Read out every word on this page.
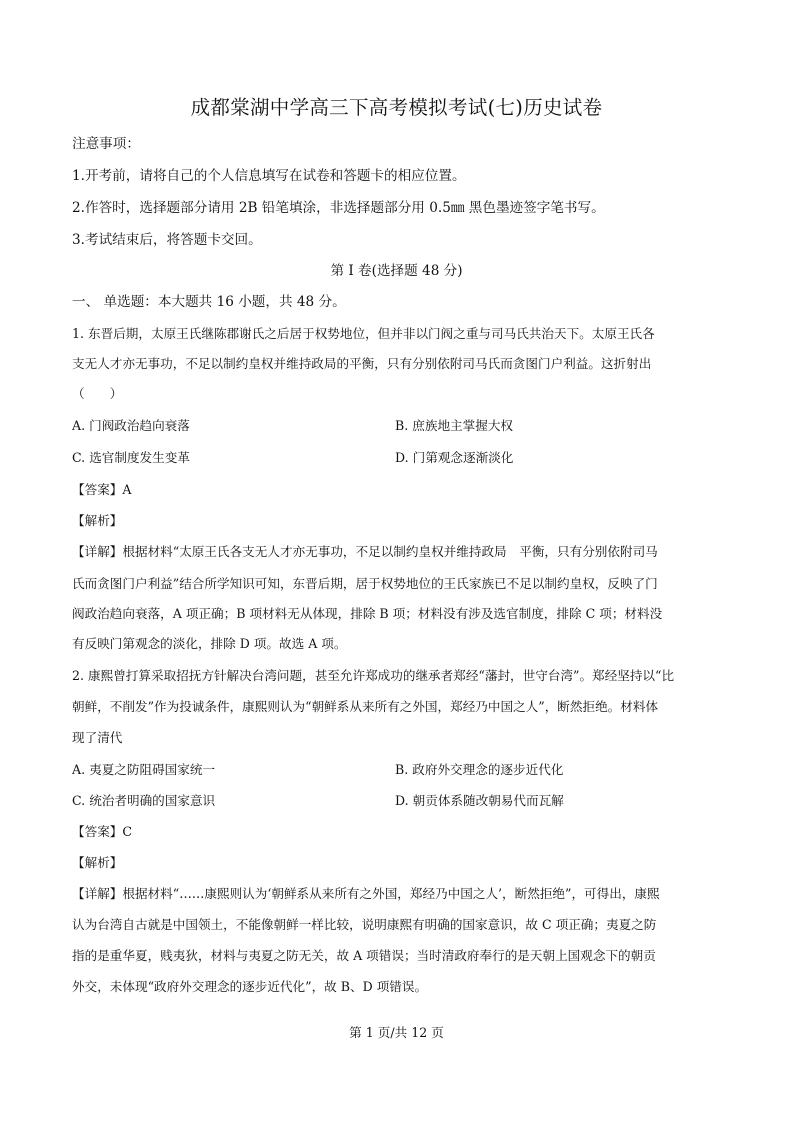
成都棠湖中学高三下高考模拟考试(七)历史试卷
注意事项：
1.开考前，请将自己的个人信息填写在试卷和答题卡的相应位置。
2.作答时，选择题部分请用 2B 铅笔填涂，非选择题部分用 0.5㎜ 黑色墨迹签字笔书写。
3.考试结束后，将答题卡交回。
第 I 卷(选择题 48 分)
一、 单选题：本大题共 16 小题，共 48 分。
1. 东晋后期，太原王氏继陈郡谢氏之后居于权势地位，但并非以门阀之重与司马氏共治天下。太原王氏各
支无人才亦无事功，不足以制约皇权并维持政局的平衡，只有分别依附司马氏而贪图门户利益。这折射出
（　　）
A. 门阀政治趋向衰落	B. 庶族地主掌握大权
C. 选官制度发生变革	D. 门第观念逐渐淡化
【答案】A
【解析】
【详解】根据材料“太原王氏各支无人才亦无事功，不足以制约皇权并维持政局　平衡，只有分别依附司马
氏而贪图门户利益”结合所学知识可知，东晋后期，居于权势地位的王氏家族已不足以制约皇权，反映了门
阀政治趋向衰落，A 项正确；B 项材料无从体现，排除 B 项；材料没有涉及选官制度，排除 C 项；材料没
有反映门第观念的淡化，排除 D 项。故选 A 项。
2. 康熙曾打算采取招抚方针解决台湾问题，甚至允许郑成功的继承者郑经“藩封，世守台湾”。郑经坚持以“比
朝鲜，不削发”作为投诚条件，康熙则认为“朝鲜系从来所有之外国，郑经乃中国之人”，断然拒绝。材料体
现了清代
A. 夷夏之防阻碍国家统一	B. 政府外交理念的逐步近代化
C. 统治者明确的国家意识	D. 朝贡体系随改朝易代而瓦解
【答案】C
【解析】
【详解】根据材料“……康熙则认为‘朝鲜系从来所有之外国，郑经乃中国之人’，断然拒绝”，可得出，康熙
认为台湾自古就是中国领土，不能像朝鲜一样比较，说明康熙有明确的国家意识，故 C 项正确；夷夏之防
指的是重华夏，贱夷狄，材料与夷夏之防无关，故 A 项错误；当时清政府奉行的是天朝上国观念下的朝贡
外交，未体现“政府外交理念的逐步近代化”，故 B、D 项错误。
第 1 页/共 12 页
